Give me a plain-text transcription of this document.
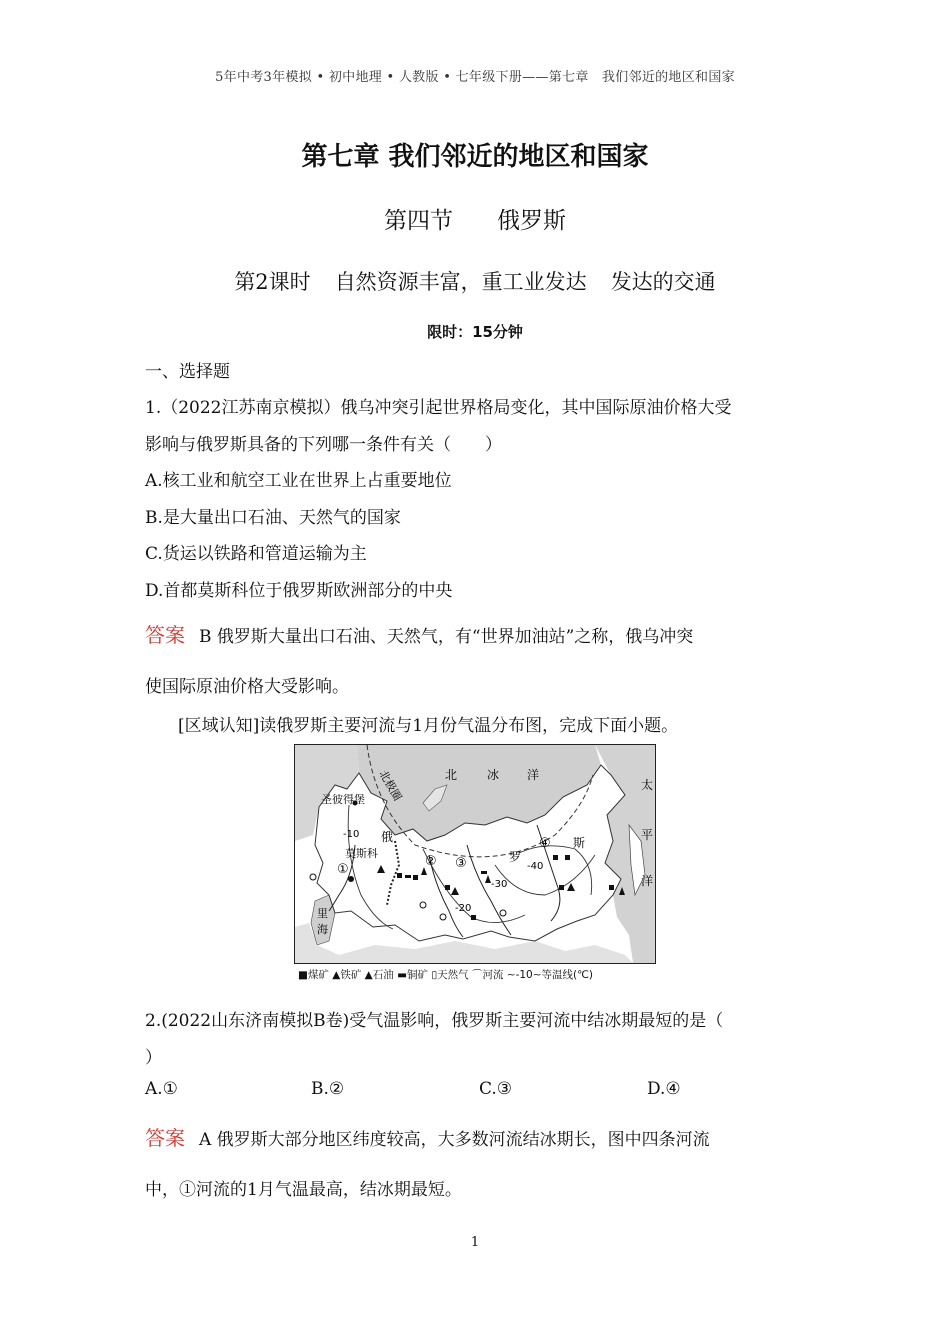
5年中考3年模拟 • 初中地理 • 人教版 • 七年级下册——第七章　我们邻近的地区和国家
第七章 我们邻近的地区和国家
第四节 俄罗斯
第2课时 自然资源丰富，重工业发达 发达的交通
限时：15分钟
一、选择题
1.（2022江苏南京模拟）俄乌冲突引起世界格局变化，其中国际原油价格大受
影响与俄罗斯具备的下列哪一条件有关（　　）
A.核工业和航空工业在世界上占重要地位
B.是大量出口石油、天然气的国家
C.货运以铁路和管道运输为主
D.首都莫斯科位于俄罗斯欧洲部分的中央
答案 B 俄罗斯大量出口石油、天然气，有“世界加油站”之称，俄乌冲突
使国际原油价格大受影响。
[区域认知]读俄罗斯主要河流与1月份气温分布图，完成下面小题。
北极圈	北 冰 洋
太
平
洋
圣彼得堡
莫斯科
俄
罗
斯
里
海
①
② ③
④
-10
-20
-30
-40
■煤矿 ▲铁矿 ▲石油 ▬铜矿 ▯天然气 ⌒河流 ∼-10∼等温线(℃)
2.(2022山东济南模拟B卷)受气温影响，俄罗斯主要河流中结冰期最短的是（
）
A.①	B.②	C.③	D.④
答案 A 俄罗斯大部分地区纬度较高，大多数河流结冰期长，图中四条河流
中，①河流的1月气温最高，结冰期最短。
1
